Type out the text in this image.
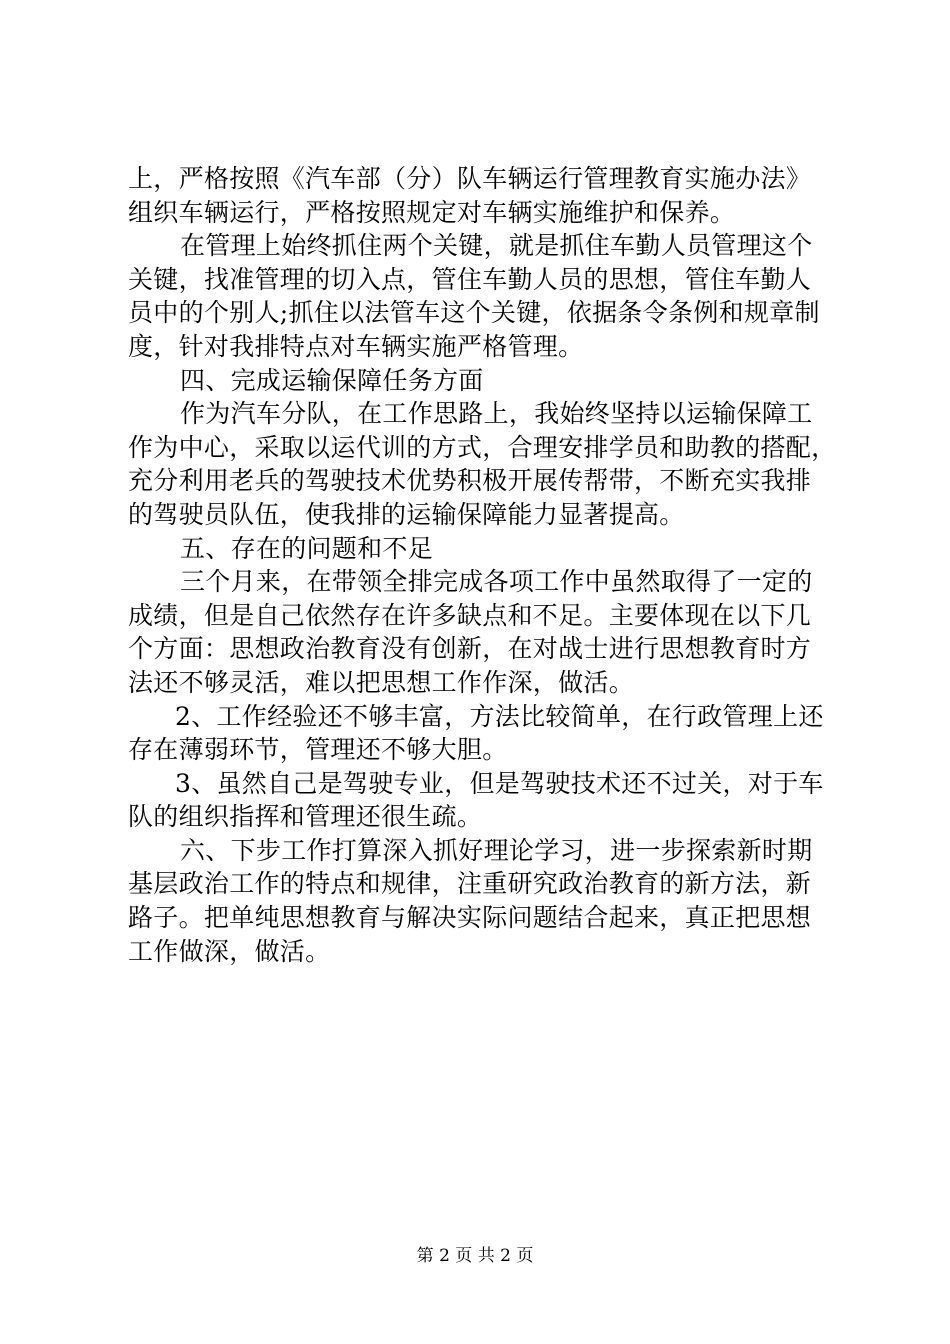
上，严格按照《汽车部（分）队车辆运行管理教育实施办法》
组织车辆运行，严格按照规定对车辆实施维护和保养。
在管理上始终抓住两个关键，就是抓住车勤人员管理这个
关键，找准管理的切入点，管住车勤人员的思想，管住车勤人
员中的个别人;抓住以法管车这个关键，依据条令条例和规章制
度，针对我排特点对车辆实施严格管理。
四、完成运输保障任务方面
作为汽车分队，在工作思路上，我始终坚持以运输保障工
作为中心，采取以运代训的方式，合理安排学员和助教的搭配，
充分利用老兵的驾驶技术优势积极开展传帮带，不断充实我排
的驾驶员队伍，使我排的运输保障能力显著提高。
五、存在的问题和不足
三个月来，在带领全排完成各项工作中虽然取得了一定的
成绩，但是自己依然存在许多缺点和不足。主要体现在以下几
个方面：思想政治教育没有创新，在对战士进行思想教育时方
法还不够灵活，难以把思想工作作深，做活。
2、工作经验还不够丰富，方法比较简单，在行政管理上还
存在薄弱环节，管理还不够大胆。
3、虽然自己是驾驶专业，但是驾驶技术还不过关，对于车
队的组织指挥和管理还很生疏。
六、下步工作打算深入抓好理论学习，进一步探索新时期
基层政治工作的特点和规律，注重研究政治教育的新方法，新
路子。把单纯思想教育与解决实际问题结合起来，真正把思想
工作做深，做活。
第 2 页 共 2 页
